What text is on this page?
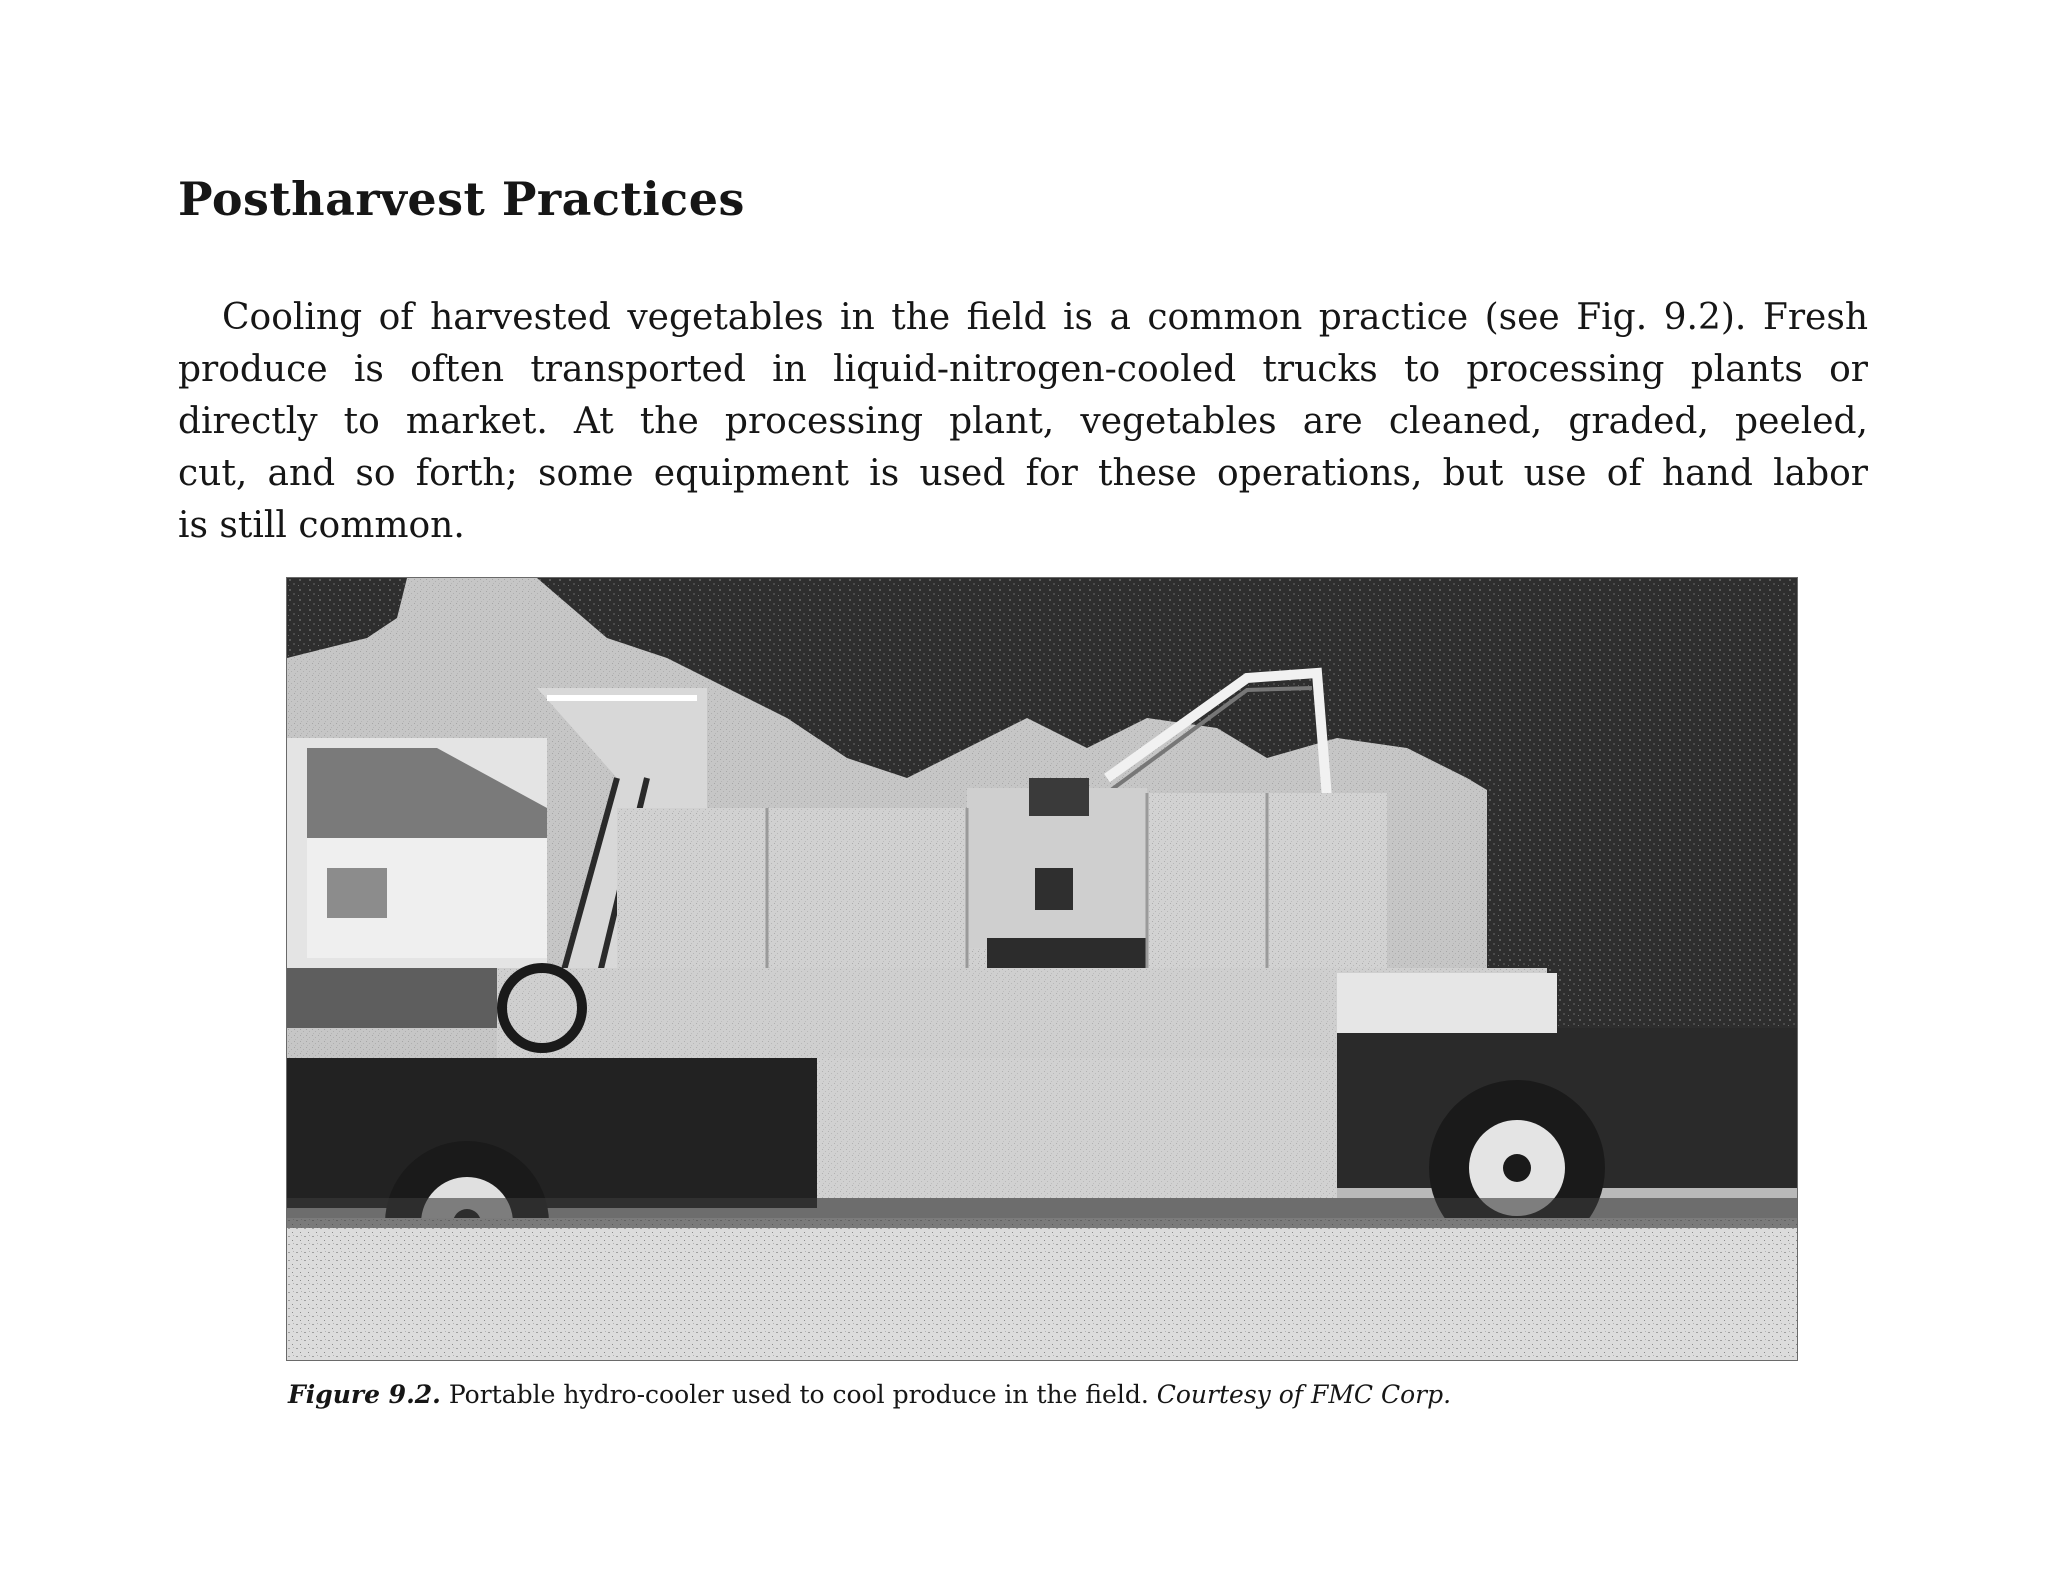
Postharvest Practices
Cooling of harvested vegetables in the field is a common practice (see Fig. 9.2). Fresh
produce is often transported in liquid-nitrogen-cooled trucks to processing plants or
directly to market. At the processing plant, vegetables are cleaned, graded, peeled,
cut, and so forth; some equipment is used for these operations, but use of hand labor
is still common.

Figure 9.2. Portable hydro-cooler used to cool produce in the field. Courtesy of FMC Corp.
